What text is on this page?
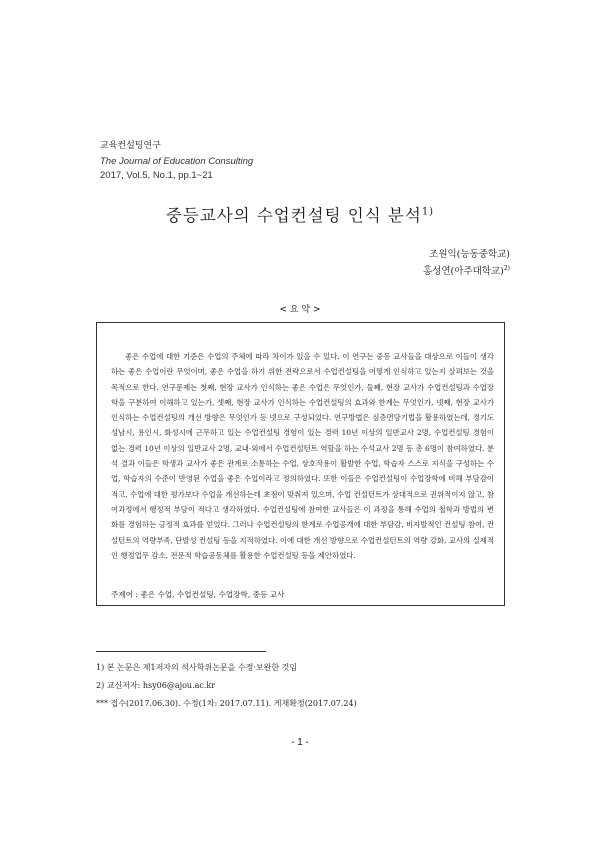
교육컨설팅연구
The Journal of Education Consulting
2017, Vol.5, No.1, pp.1~21
중등교사의 수업컨설팅 인식 분석$^{1)}$
조원익(능동중학교)
홍성연(아주대학교)$^{2)}$
< 요 약 >

좋은 수업에 대한 기준은 수업의 주체에 따라 차이가 있을 수 있다. 이 연구는 중등 교사들을 대상으로 이들이 생각하는 좋은 수업이란 무엇이며, 좋은 수업을 하기 위한 전략으로서 수업컨설팅을 어떻게 인식하고 있는지 살펴보는 것을 목적으로 한다. 연구문제는 첫째, 현장 교사가 인식하는 좋은 수업은 무엇인가, 둘째, 현장 교사가 수업컨설팅과 수업장학을 구분하여 이해하고 있는가, 셋째, 현장 교사가 인식하는 수업컨설팅의 효과와 한계는 무엇인가, 넷째, 현장 교사가 인식하는 수업컨설팅의 개선 방향은 무엇인가 등 넷으로 구성되었다. 연구방법은 심층면담기법을 활용하였는데, 경기도 성남시, 용인시, 화성시에 근무하고 있는 수업컨설팅 경험이 있는 경력 10년 이상의 일반교사 2명, 수업컨설팅 경험이 없는 경력 10년 이상의 일반교사 2명, 교내·외에서 수업컨설턴트 역할을 하는 수석교사 2명 등 총 6명이 참여하였다. 분석 결과 이들은 학생과 교사가 좋은 관계로 소통하는 수업, 상호작용이 활발한 수업, 학습자 스스로 지식을 구성하는 수업, 학습자의 수준이 반영된 수업을 좋은 수업이라고 정의하였다. 또한 이들은 수업컨설팅이 수업장학에 비해 부담감이 적고, 수업에 대한 평가보다 수업을 개선하는데 초점이 맞춰져 있으며, 수업 컨설턴트가 상대적으로 권위적이지 않고, 참여과정에서 행정적 부담이 적다고 생각하였다. 수업컨설팅에 참여한 교사들은 이 과정을 통해 수업의 철학과 방법의 변화를 경험하는 긍정적 효과를 얻었다. 그러나 수업컨설팅의 한계로 수업공개에 대한 부담감, 비자발적인 컨설팅 참여, 컨설턴트의 역량부족, 단발성 컨설팅 등을 지적하였다. 이에 대한 개선 방향으로 수업컨설턴트의 역량 강화, 교사의 실제적인 행정업무 감소, 전문적 학습공동체를 활용한 수업컨설팅 등을 제안하였다.

주제어 : 좋은 수업, 수업컨설팅, 수업장학, 중등 교사
1) 본 논문은 제1저자의 석사학위논문을 수정·보완한 것임
2) 교신저자: hsy06@ajou.ac.kr
*** 접수(2017.06.30). 수정(1차: 2017.07.11). 게재확정(2017.07.24)
- 1 -
